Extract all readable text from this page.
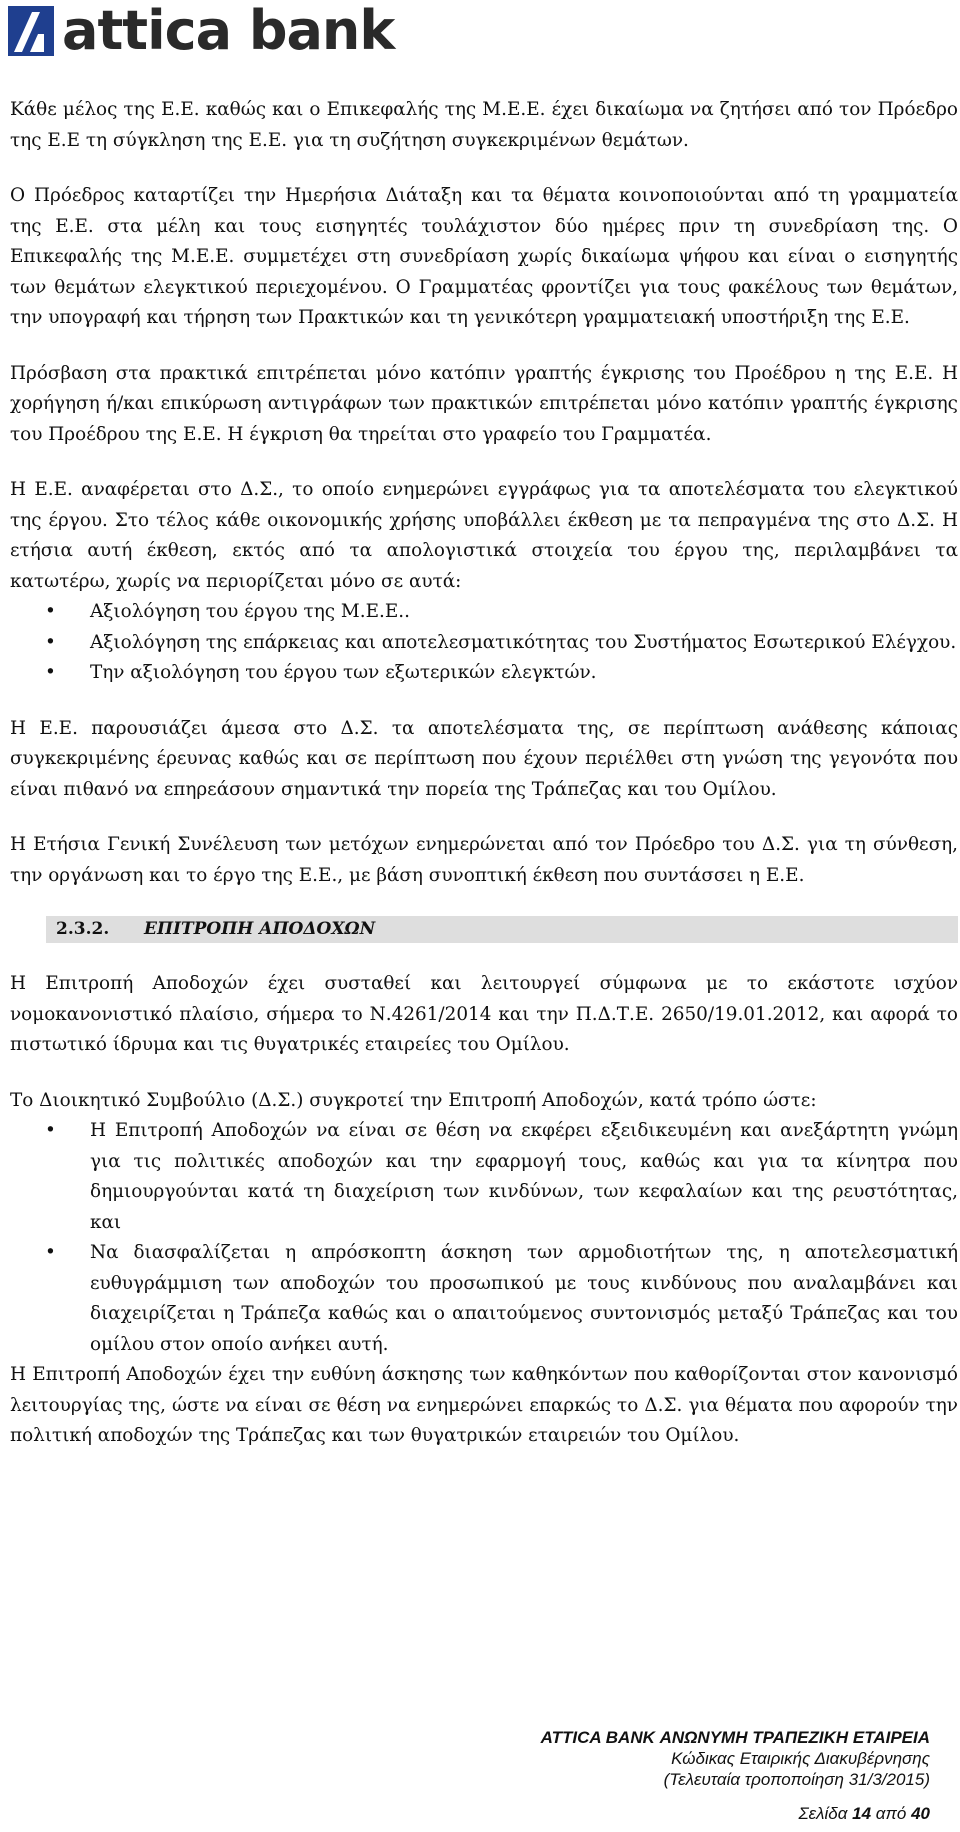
attica bank

Κάθε μέλος της Ε.Ε. καθώς και ο Επικεφαλής της Μ.Ε.Ε. έχει δικαίωμα να ζητήσει από τον Πρόεδρο της Ε.Ε τη σύγκληση της Ε.Ε. για τη συζήτηση συγκεκριμένων θεμάτων.

Ο Πρόεδρος καταρτίζει την Ημερήσια Διάταξη και τα θέματα κοινοποιούνται από τη γραμματεία της Ε.Ε. στα μέλη και τους εισηγητές τουλάχιστον δύο ημέρες πριν τη συνεδρίαση της. Ο Επικεφαλής της Μ.Ε.Ε. συμμετέχει στη συνεδρίαση χωρίς δικαίωμα ψήφου και είναι ο εισηγητής των θεμάτων ελεγκτικού περιεχομένου. Ο Γραμματέας φροντίζει για τους φακέλους των θεμάτων, την υπογραφή και τήρηση των Πρακτικών και τη γενικότερη γραμματειακή υποστήριξη της Ε.Ε.

Πρόσβαση στα πρακτικά επιτρέπεται μόνο κατόπιν γραπτής έγκρισης του Προέδρου η της Ε.Ε. Η χορήγηση ή/και επικύρωση αντιγράφων των πρακτικών επιτρέπεται μόνο κατόπιν γραπτής έγκρισης του Προέδρου της Ε.Ε. Η έγκριση θα τηρείται στο γραφείο του Γραμματέα.

Η Ε.Ε. αναφέρεται στο Δ.Σ., το οποίο ενημερώνει εγγράφως για τα αποτελέσματα του ελεγκτικού της έργου. Στο τέλος κάθε οικονομικής χρήσης υποβάλλει έκθεση με τα πεπραγμένα της στο Δ.Σ. Η ετήσια αυτή έκθεση, εκτός από τα απολογιστικά στοιχεία του έργου της, περιλαμβάνει τα κατωτέρω, χωρίς να περιορίζεται μόνο σε αυτά:

• Αξιολόγηση του έργου της Μ.Ε.Ε..
• Αξιολόγηση της επάρκειας και αποτελεσματικότητας του Συστήματος Εσωτερικού Ελέγχου.
• Την αξιολόγηση του έργου των εξωτερικών ελεγκτών.

Η Ε.Ε. παρουσιάζει άμεσα στο Δ.Σ. τα αποτελέσματα της, σε περίπτωση ανάθεσης κάποιας συγκεκριμένης έρευνας καθώς και σε περίπτωση που έχουν περιέλθει στη γνώση της γεγονότα που είναι πιθανό να επηρεάσουν σημαντικά την πορεία της Τράπεζας και του Ομίλου.

Η Ετήσια Γενική Συνέλευση των μετόχων ενημερώνεται από τον Πρόεδρο του Δ.Σ. για τη σύνθεση, την οργάνωση και το έργο της Ε.Ε., με βάση συνοπτική έκθεση που συντάσσει η Ε.Ε.

2.3.2.	ΕΠΙΤΡΟΠΗ ΑΠΟΔΟΧΩΝ

Η Επιτροπή Αποδοχών έχει συσταθεί και λειτουργεί σύμφωνα με το εκάστοτε ισχύον νομοκανονιστικό πλαίσιο, σήμερα το Ν.4261/2014 και την Π.Δ.Τ.Ε. 2650/19.01.2012, και αφορά το πιστωτικό ίδρυμα και τις θυγατρικές εταιρείες του Ομίλου.

Το Διοικητικό Συμβούλιο (Δ.Σ.) συγκροτεί την Επιτροπή Αποδοχών, κατά τρόπο ώστε:

• Η Επιτροπή Αποδοχών να είναι σε θέση να εκφέρει εξειδικευμένη και ανεξάρτητη γνώμη για τις πολιτικές αποδοχών και την εφαρμογή τους, καθώς και για τα κίνητρα που δημιουργούνται κατά τη διαχείριση των κινδύνων, των κεφαλαίων και της ρευστότητας, και
• Να διασφαλίζεται η απρόσκοπτη άσκηση των αρμοδιοτήτων της, η αποτελεσματική ευθυγράμμιση των αποδοχών του προσωπικού με τους κινδύνους που αναλαμβάνει και διαχειρίζεται η Τράπεζα καθώς και ο απαιτούμενος συντονισμός μεταξύ Τράπεζας και του ομίλου στον οποίο ανήκει αυτή.

Η Επιτροπή Αποδοχών έχει την ευθύνη άσκησης των καθηκόντων που καθορίζονται στον κανονισμό λειτουργίας της, ώστε να είναι σε θέση να ενημερώνει επαρκώς το Δ.Σ. για θέματα που αφορούν την πολιτική αποδοχών της Τράπεζας και των θυγατρικών εταιρειών του Ομίλου.

ATTICA BANK ΑΝΩΝΥΜΗ ΤΡΑΠΕΖΙΚΗ ΕΤΑΙΡΕΙΑ
Κώδικας Εταιρικής Διακυβέρνησης
(Τελευταία τροποποίηση 31/3/2015)
Σελίδα 14 από 40
